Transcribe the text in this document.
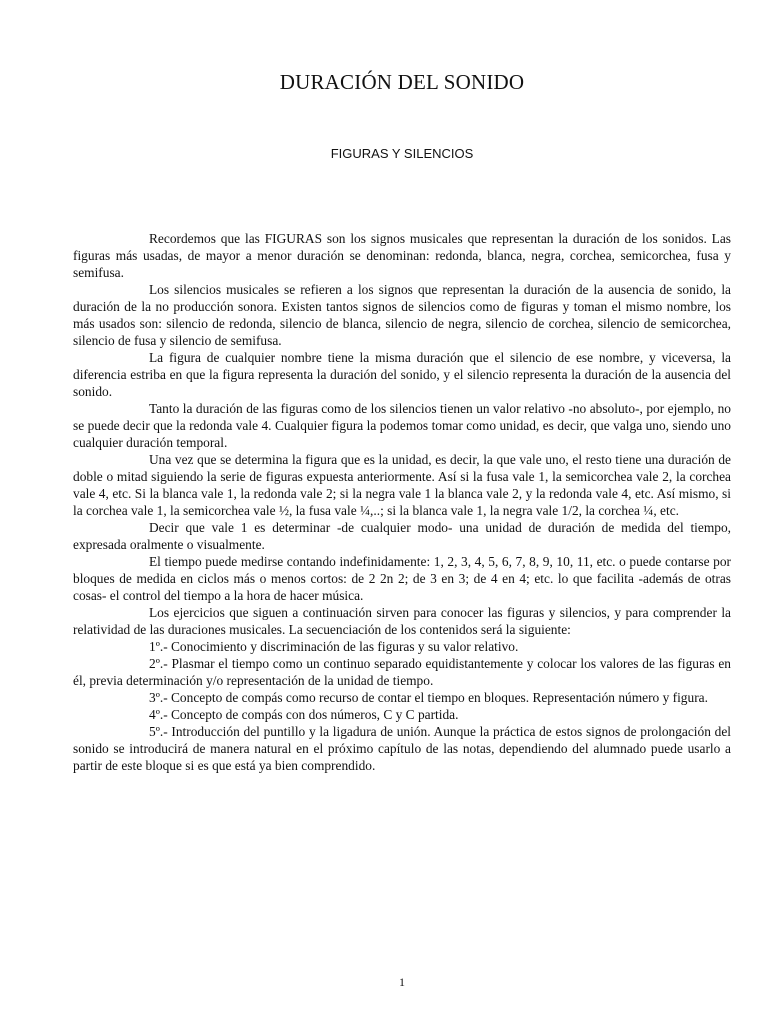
DURACIÓN DEL SONIDO
FIGURAS Y SILENCIOS

Recordemos que las FIGURAS son los signos musicales que representan la duración de los sonidos. Las figuras más usadas, de mayor a menor duración se denominan: redonda, blanca, negra, corchea, semicorchea, fusa y semifusa.

Los silencios musicales se refieren a los signos que representan la duración de la ausencia de sonido, la duración de la no producción sonora. Existen tantos signos de silencios como de figuras y toman el mismo nombre, los más usados son: silencio de redonda, silencio de blanca, silencio de negra, silencio de corchea, silencio de semicorchea, silencio de fusa y silencio de semifusa.

La figura de cualquier nombre tiene la misma duración que el silencio de ese nombre, y viceversa, la diferencia estriba en que la figura representa la duración del sonido, y el silencio representa la duración de la ausencia del sonido.

Tanto la duración de las figuras como de los silencios tienen un valor relativo -no absoluto-, por ejemplo, no se puede decir que la redonda vale 4. Cualquier figura la podemos tomar como unidad, es decir, que valga uno, siendo uno cualquier duración temporal.

Una vez que se determina la figura que es la unidad, es decir, la que vale uno, el resto tiene una duración de doble o mitad siguiendo la serie de figuras expuesta anteriormente. Así si la fusa vale 1, la semicorchea vale 2, la corchea vale 4, etc. Si la blanca vale 1, la redonda vale 2; si la negra vale 1 la blanca vale 2, y la redonda vale 4, etc. Así mismo, si la corchea vale 1, la semicorchea vale ½, la fusa vale ¼,..; si la blanca vale 1, la negra vale 1/2, la corchea ¼, etc.

Decir que vale 1 es determinar -de cualquier modo- una unidad de duración de medida del tiempo, expresada oralmente o visualmente.

El tiempo puede medirse contando indefinidamente: 1, 2, 3, 4, 5, 6, 7, 8, 9, 10, 11, etc. o puede contarse por bloques de medida en ciclos más o menos cortos: de 2 2n 2; de 3 en 3; de 4 en 4; etc. lo que facilita -además de otras cosas- el control del tiempo a la hora de hacer música.

Los ejercicios que siguen a continuación sirven para conocer las figuras y silencios, y para comprender la relatividad de las duraciones musicales. La secuenciación de los contenidos será la siguiente:

1º.- Conocimiento y discriminación de las figuras y su valor relativo.

2º.- Plasmar el tiempo como un continuo separado equidistantemente y colocar los valores de las figuras en él, previa determinación y/o representación de la unidad de tiempo.

3º.- Concepto de compás como recurso de contar el tiempo en bloques. Representación número y figura.

4º.- Concepto de compás con dos números, C y C partida.

5º.- Introducción del puntillo y la ligadura de unión. Aunque la práctica de estos signos de prolongación del sonido se introducirá de manera natural en el próximo capítulo de las notas, dependiendo del alumnado puede usarlo a partir de este bloque si es que está ya bien comprendido.

1
